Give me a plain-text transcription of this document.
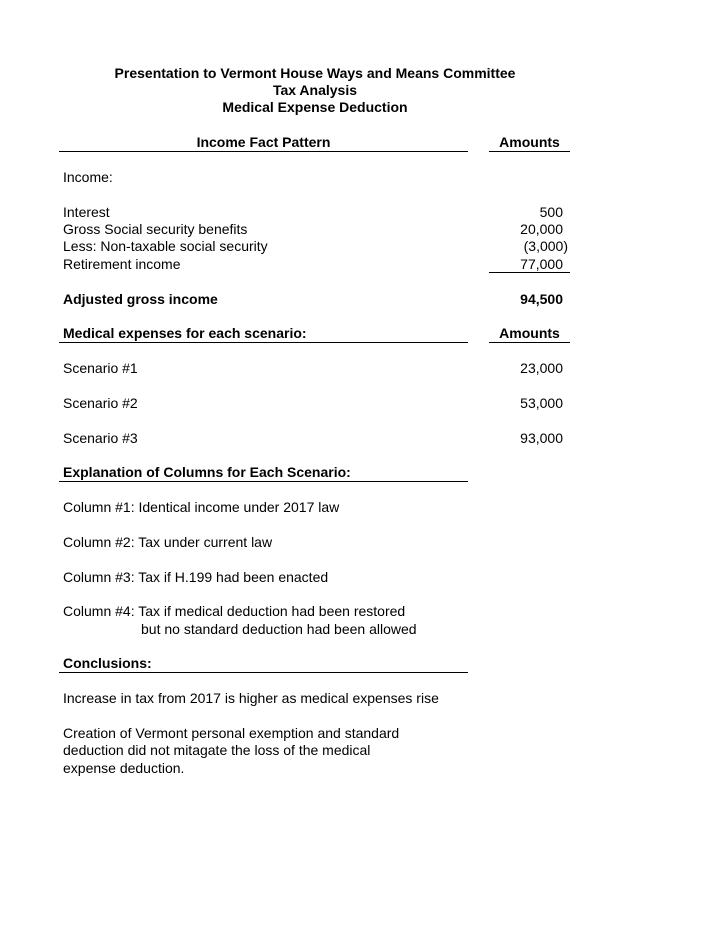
Presentation to Vermont House Ways and Means Committee
Tax Analysis
Medical Expense Deduction
Income Fact Pattern	Amounts
Income:
Interest	500
Gross Social security benefits	20,000
Less: Non-taxable social security	(3,000)
Retirement income	77,000
Adjusted gross income	94,500
Medical expenses for each scenario:	Amounts
Scenario #1	23,000
Scenario #2	53,000
Scenario #3	93,000
Explanation of Columns for Each Scenario:
Column #1: Identical income under 2017 law
Column #2: Tax under current law
Column #3: Tax if H.199 had been enacted
Column #4: Tax if medical deduction had been restored
but no standard deduction had been allowed
Conclusions:
Increase in tax from 2017 is higher as medical expenses rise
Creation of Vermont personal exemption and standard
deduction did not mitagate the loss of the medical
expense deduction.
